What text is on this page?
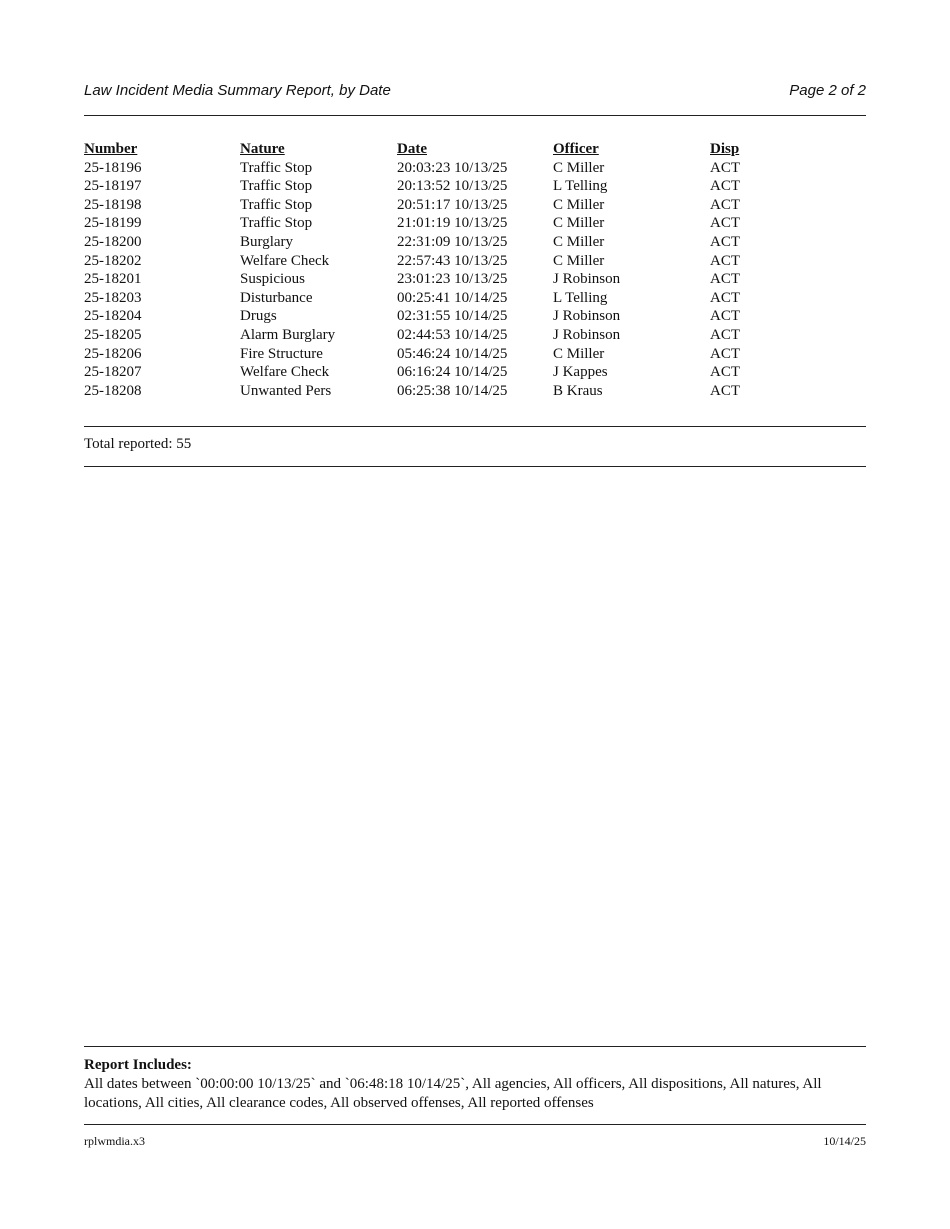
Law Incident Media Summary Report, by Date	Page 2 of 2
Number	Nature	Date	Officer	Disp
25-18196	Traffic Stop	20:03:23 10/13/25	C Miller	ACT
25-18197	Traffic Stop	20:13:52 10/13/25	L Telling	ACT
25-18198	Traffic Stop	20:51:17 10/13/25	C Miller	ACT
25-18199	Traffic Stop	21:01:19 10/13/25	C Miller	ACT
25-18200	Burglary	22:31:09 10/13/25	C Miller	ACT
25-18202	Welfare Check	22:57:43 10/13/25	C Miller	ACT
25-18201	Suspicious	23:01:23 10/13/25	J Robinson	ACT
25-18203	Disturbance	00:25:41 10/14/25	L Telling	ACT
25-18204	Drugs	02:31:55 10/14/25	J Robinson	ACT
25-18205	Alarm Burglary	02:44:53 10/14/25	J Robinson	ACT
25-18206	Fire Structure	05:46:24 10/14/25	C Miller	ACT
25-18207	Welfare Check	06:16:24 10/14/25	J Kappes	ACT
25-18208	Unwanted Pers	06:25:38 10/14/25	B Kraus	ACT
Total reported: 55
Report Includes:
All dates between `00:00:00 10/13/25` and `06:48:18 10/14/25`, All agencies, All officers, All dispositions, All natures, All locations, All cities, All clearance codes, All observed offenses, All reported offenses
rplwmdia.x3	10/14/25
